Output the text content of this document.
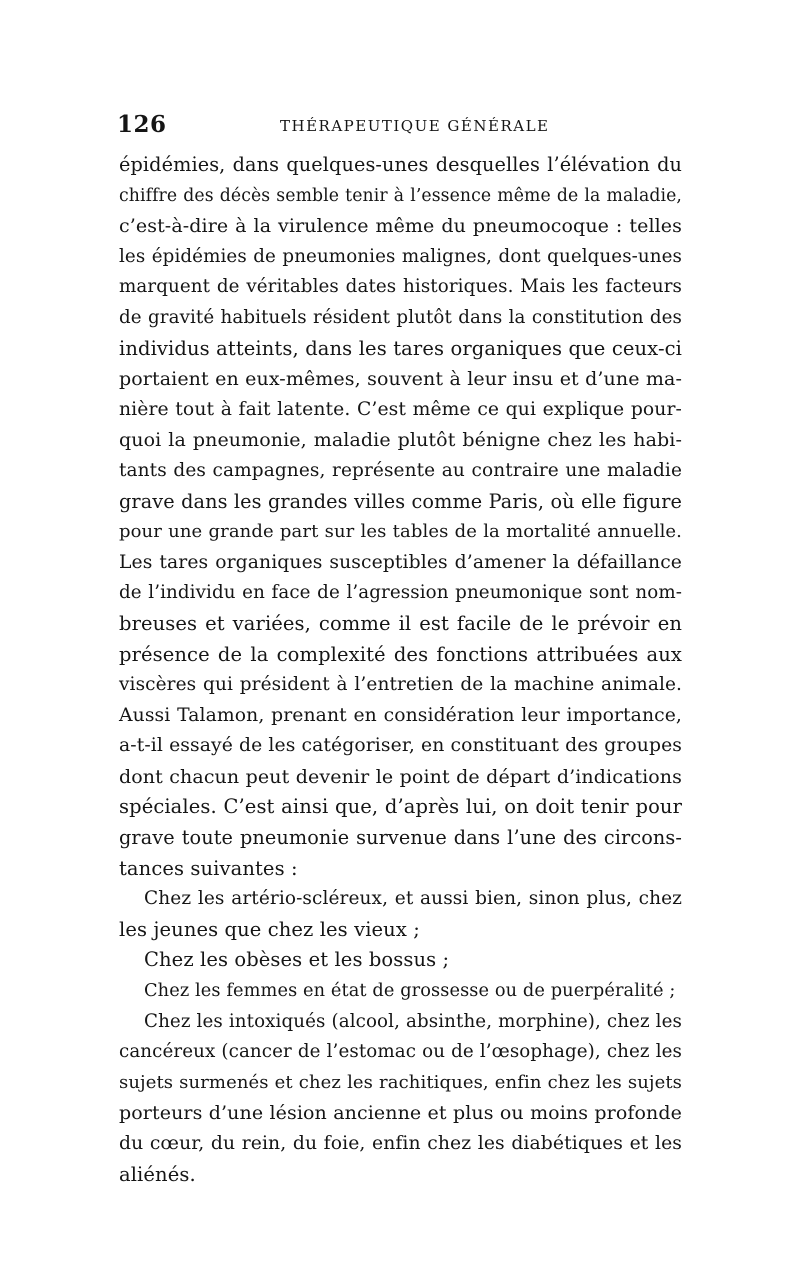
126	THÉRAPEUTIQUE GÉNÉRALE
épidémies, dans quelques-unes desquelles l’élévation du
chiffre des décès semble tenir à l’essence même de la maladie,
c’est-à-dire à la virulence même du pneumocoque : telles
les épidémies de pneumonies malignes, dont quelques-unes
marquent de véritables dates historiques. Mais les facteurs
de gravité habituels résident plutôt dans la constitution des
individus atteints, dans les tares organiques que ceux-ci
portaient en eux-mêmes, souvent à leur insu et d’une ma-
nière tout à fait latente. C’est même ce qui explique pour-
quoi la pneumonie, maladie plutôt bénigne chez les habi-
tants des campagnes, représente au contraire une maladie
grave dans les grandes villes comme Paris, où elle figure
pour une grande part sur les tables de la mortalité annuelle.
Les tares organiques susceptibles d’amener la défaillance
de l’individu en face de l’agression pneumonique sont nom-
breuses et variées, comme il est facile de le prévoir en
présence de la complexité des fonctions attribuées aux
viscères qui président à l’entretien de la machine animale.
Aussi Talamon, prenant en considération leur importance,
a-t-il essayé de les catégoriser, en constituant des groupes
dont chacun peut devenir le point de départ d’indications
spéciales. C’est ainsi que, d’après lui, on doit tenir pour
grave toute pneumonie survenue dans l’une des circons-
tances suivantes :
Chez les artério-scléreux, et aussi bien, sinon plus, chez
les jeunes que chez les vieux ;
Chez les obèses et les bossus ;
Chez les femmes en état de grossesse ou de puerpéralité ;
Chez les intoxiqués (alcool, absinthe, morphine), chez les
cancéreux (cancer de l’estomac ou de l’œsophage), chez les
sujets surmenés et chez les rachitiques, enfin chez les sujets
porteurs d’une lésion ancienne et plus ou moins profonde
du cœur, du rein, du foie, enfin chez les diabétiques et les
aliénés.
